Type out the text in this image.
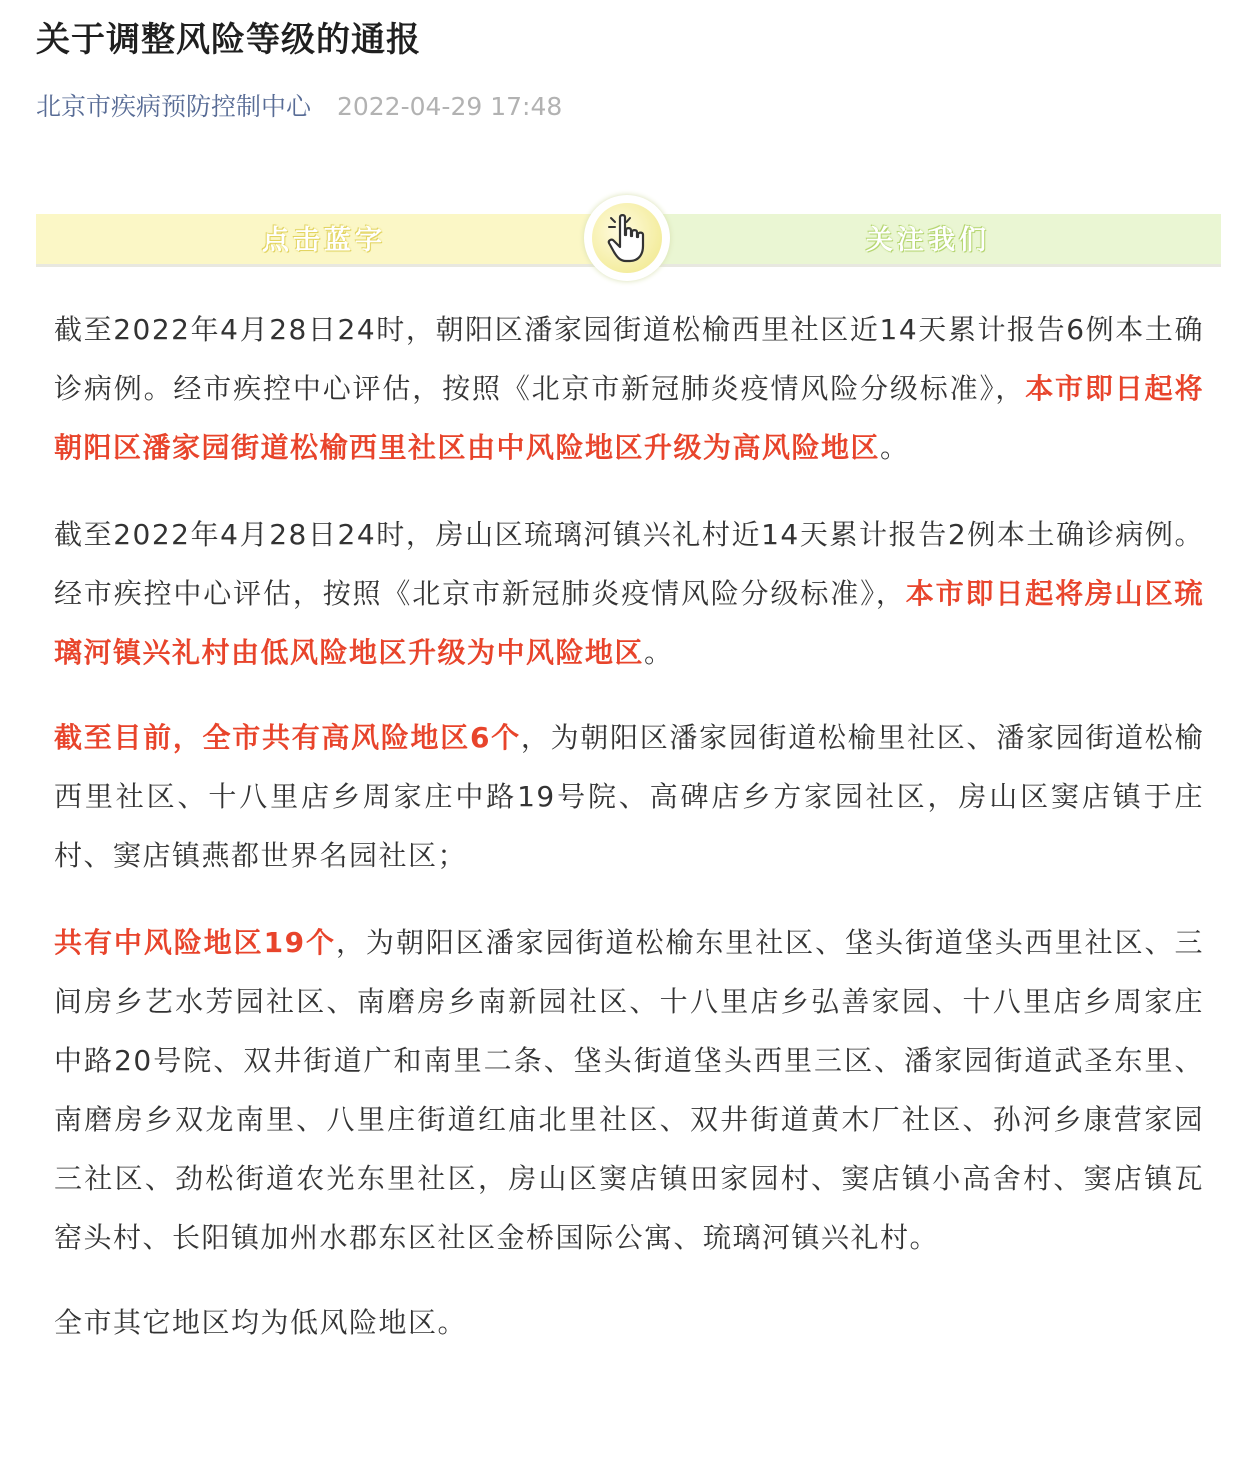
关于调整风险等级的通报
北京市疾病预防控制中心 2022-04-29 17:48
点击蓝字	关注我们

截至2022年4月28日24时，朝阳区潘家园街道松榆西里社区近14天累计报告6例本土确诊病例。经市疾控中心评估，按照《北京市新冠肺炎疫情风险分级标准》，本市即日起将朝阳区潘家园街道松榆西里社区由中风险地区升级为高风险地区。

截至2022年4月28日24时，房山区琉璃河镇兴礼村近14天累计报告2例本土确诊病例。经市疾控中心评估，按照《北京市新冠肺炎疫情风险分级标准》，本市即日起将房山区琉璃河镇兴礼村由低风险地区升级为中风险地区。

截至目前，全市共有高风险地区6个，为朝阳区潘家园街道松榆里社区、潘家园街道松榆西里社区、十八里店乡周家庄中路19号院、高碑店乡方家园社区，房山区窦店镇于庄村、窦店镇燕都世界名园社区；

共有中风险地区19个，为朝阳区潘家园街道松榆东里社区、垡头街道垡头西里社区、三间房乡艺水芳园社区、南磨房乡南新园社区、十八里店乡弘善家园、十八里店乡周家庄中路20号院、双井街道广和南里二条、垡头街道垡头西里三区、潘家园街道武圣东里、南磨房乡双龙南里、八里庄街道红庙北里社区、双井街道黄木厂社区、孙河乡康营家园三社区、劲松街道农光东里社区，房山区窦店镇田家园村、窦店镇小高舍村、窦店镇瓦窑头村、长阳镇加州水郡东区社区金桥国际公寓、琉璃河镇兴礼村。

全市其它地区均为低风险地区。
